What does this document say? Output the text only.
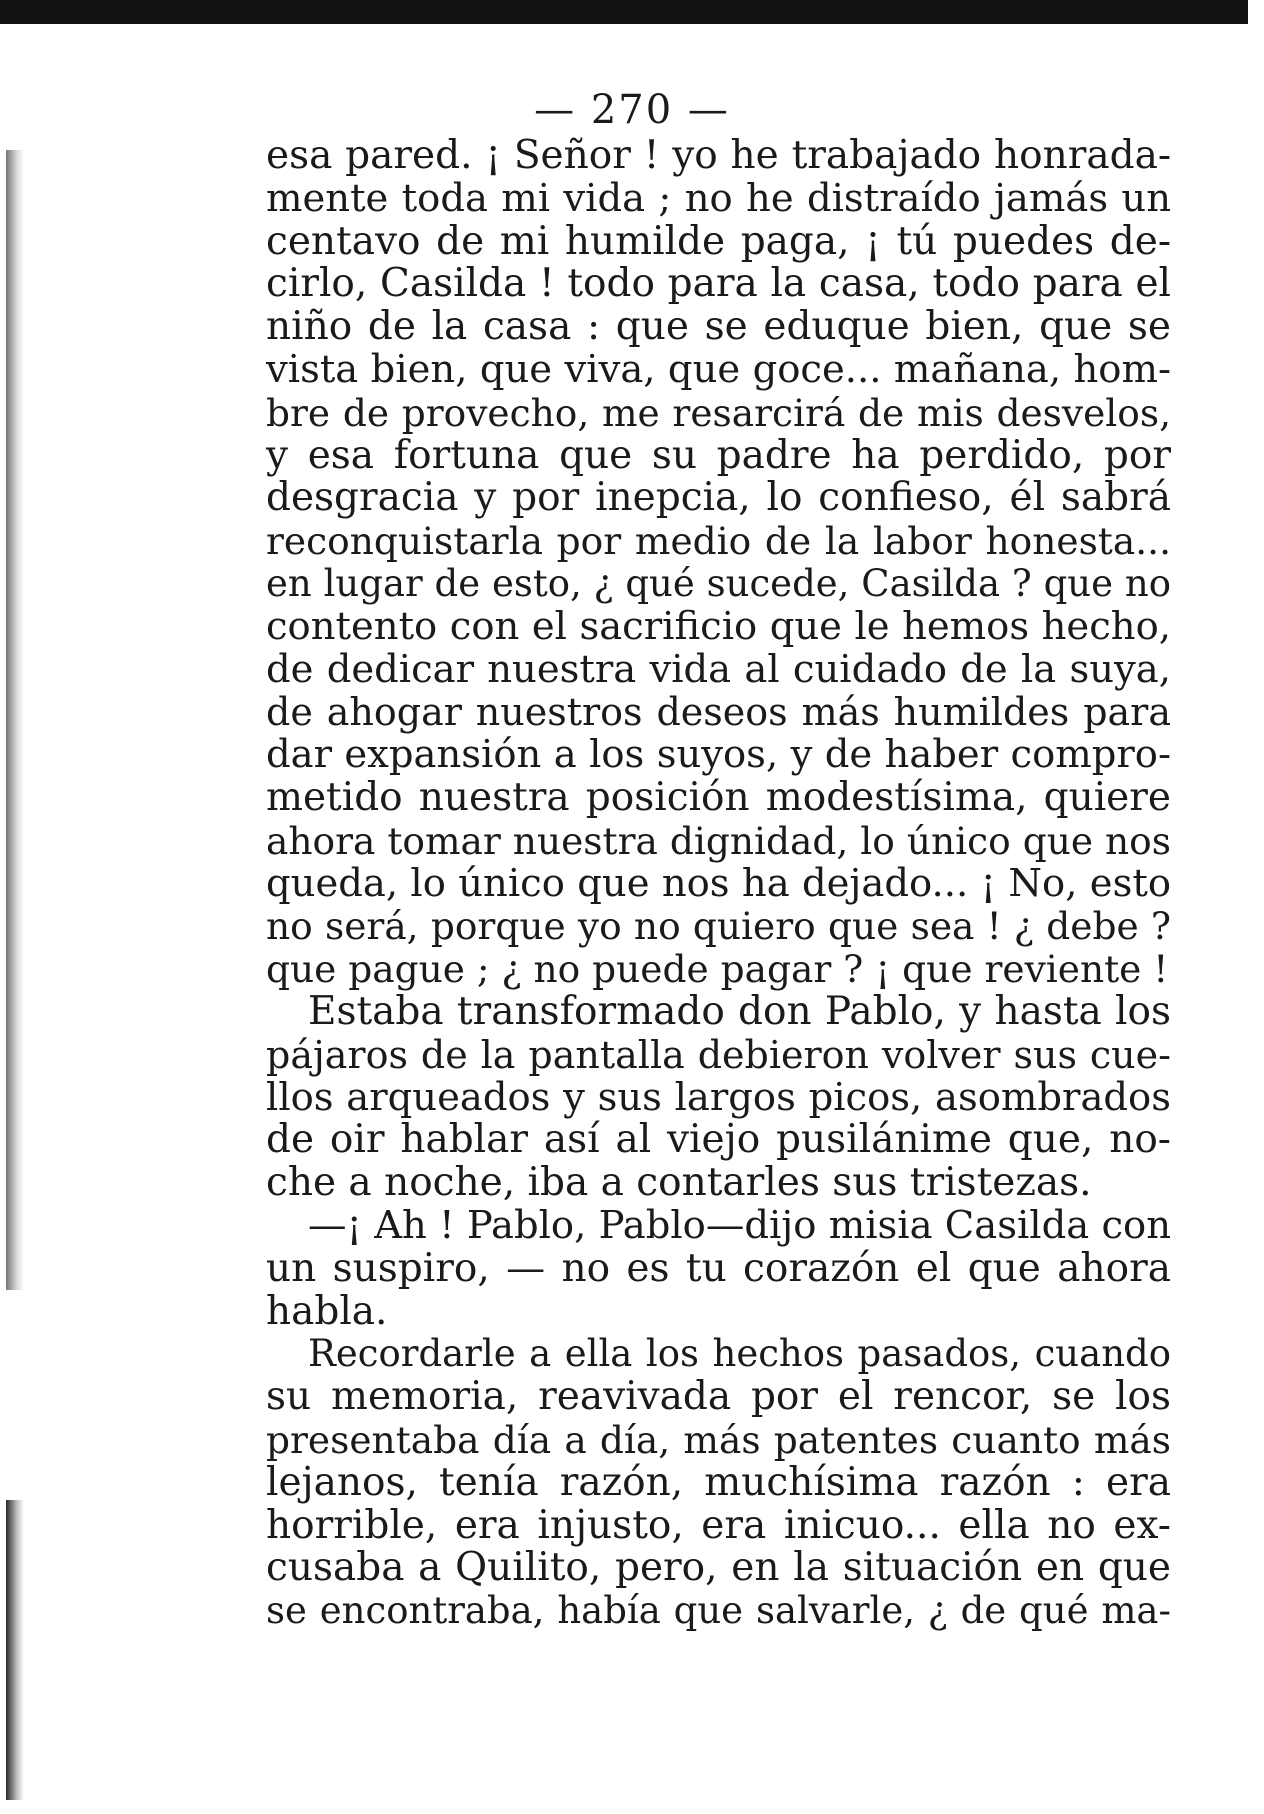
— 270 —
esa pared. ¡ Señor ! yo he trabajado honrada-
mente toda mi vida ; no he distraído jamás un
centavo de mi humilde paga, ¡ tú puedes de-
cirlo, Casilda ! todo para la casa, todo para el
niño de la casa : que se eduque bien, que se
vista bien, que viva, que goce... mañana, hom-
bre de provecho, me resarcirá de mis desvelos,
y esa fortuna que su padre ha perdido, por
desgracia y por inepcia, lo confieso, él sabrá
reconquistarla por medio de la labor honesta...
en lugar de esto, ¿ qué sucede, Casilda ? que no
contento con el sacrificio que le hemos hecho,
de dedicar nuestra vida al cuidado de la suya,
de ahogar nuestros deseos más humildes para
dar expansión a los suyos, y de haber compro-
metido nuestra posición modestísima, quiere
ahora tomar nuestra dignidad, lo único que nos
queda, lo único que nos ha dejado... ¡ No, esto
no será, porque yo no quiero que sea ! ¿ debe ?
que pague ; ¿ no puede pagar ? ¡ que reviente !
Estaba transformado don Pablo, y hasta los
pájaros de la pantalla debieron volver sus cue-
llos arqueados y sus largos picos, asombrados
de oir hablar así al viejo pusilánime que, no-
che a noche, iba a contarles sus tristezas.
—¡ Ah ! Pablo, Pablo—dijo misia Casilda con
un suspiro, — no es tu corazón el que ahora
habla.
Recordarle a ella los hechos pasados, cuando
su memoria, reavivada por el rencor, se los
presentaba día a día, más patentes cuanto más
lejanos, tenía razón, muchísima razón : era
horrible, era injusto, era inicuo... ella no ex-
cusaba a Quilito, pero, en la situación en que
se encontraba, había que salvarle, ¿ de qué ma-
